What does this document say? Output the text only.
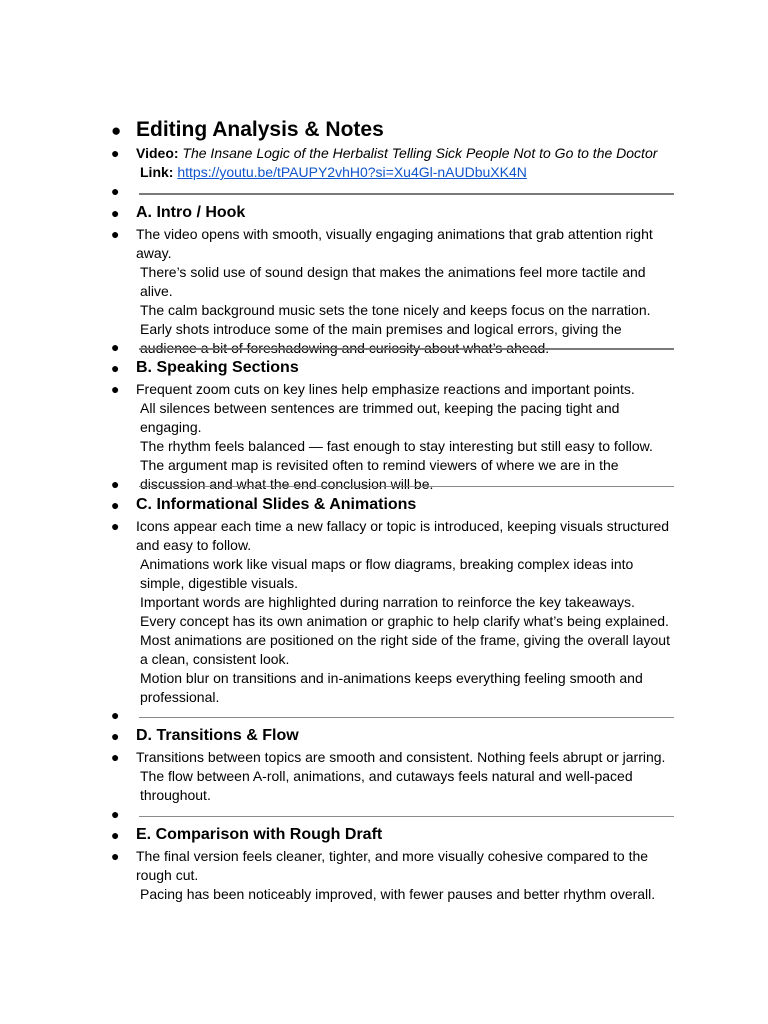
● Editing Analysis & Notes
● Video: The Insane Logic of the Herbalist Telling Sick People Not to Go to the Doctor
Link: https://youtu.be/tPAUPY2vhH0?si=Xu4Gl-nAUDbuXK4N
●
● A. Intro / Hook
● The video opens with smooth, visually engaging animations that grab attention right away.
There’s solid use of sound design that makes the animations feel more tactile and alive.
The calm background music sets the tone nicely and keeps focus on the narration.
Early shots introduce some of the main premises and logical errors, giving the audience a bit of foreshadowing and curiosity about what’s ahead.
●
● B. Speaking Sections
● Frequent zoom cuts on key lines help emphasize reactions and important points.
All silences between sentences are trimmed out, keeping the pacing tight and engaging.
The rhythm feels balanced — fast enough to stay interesting but still easy to follow.
The argument map is revisited often to remind viewers of where we are in the discussion and what the end conclusion will be.
●
● C. Informational Slides & Animations
● Icons appear each time a new fallacy or topic is introduced, keeping visuals structured and easy to follow.
Animations work like visual maps or flow diagrams, breaking complex ideas into simple, digestible visuals.
Important words are highlighted during narration to reinforce the key takeaways.
Every concept has its own animation or graphic to help clarify what’s being explained.
Most animations are positioned on the right side of the frame, giving the overall layout a clean, consistent look.
Motion blur on transitions and in-animations keeps everything feeling smooth and professional.
●
● D. Transitions & Flow
● Transitions between topics are smooth and consistent. Nothing feels abrupt or jarring.
The flow between A-roll, animations, and cutaways feels natural and well-paced throughout.
●
● E. Comparison with Rough Draft
● The final version feels cleaner, tighter, and more visually cohesive compared to the rough cut.
Pacing has been noticeably improved, with fewer pauses and better rhythm overall.
